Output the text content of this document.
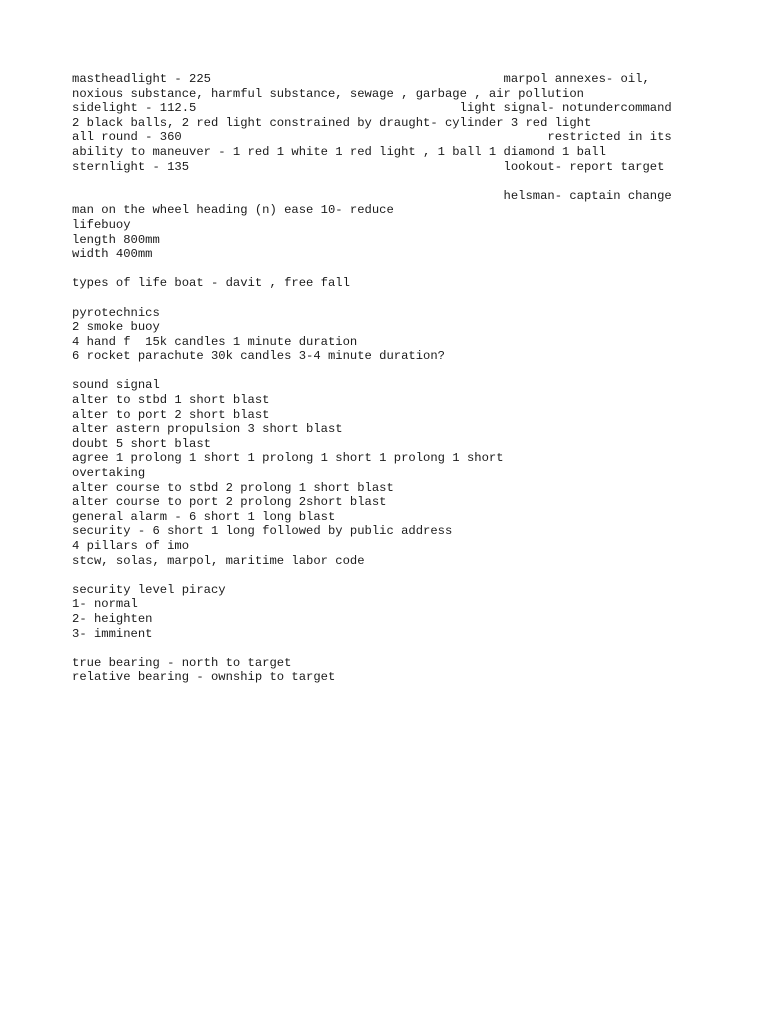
mastheadlight - 225                                        marpol annexes- oil,
noxious substance, harmful substance, sewage , garbage , air pollution
sidelight - 112.5                                    light signal- notundercommand
2 black balls, 2 red light constrained by draught- cylinder 3 red light
all round - 360                                                  restricted in its
ability to maneuver - 1 red 1 white 1 red light , 1 ball 1 diamond 1 ball
sternlight - 135                                           lookout- report target
helsman- captain change
man on the wheel heading (n) ease 10- reduce
lifebuoy
length 800mm
width 400mm
types of life boat - davit , free fall
pyrotechnics
2 smoke buoy
4 hand f  15k candles 1 minute duration
6 rocket parachute 30k candles 3-4 minute duration?
sound signal
alter to stbd 1 short blast
alter to port 2 short blast
alter astern propulsion 3 short blast
doubt 5 short blast
agree 1 prolong 1 short 1 prolong 1 short 1 prolong 1 short
overtaking
alter course to stbd 2 prolong 1 short blast
alter course to port 2 prolong 2short blast
general alarm - 6 short 1 long blast
security - 6 short 1 long followed by public address
4 pillars of imo
stcw, solas, marpol, maritime labor code
security level piracy
1- normal
2- heighten
3- imminent
true bearing - north to target
relative bearing - ownship to target
